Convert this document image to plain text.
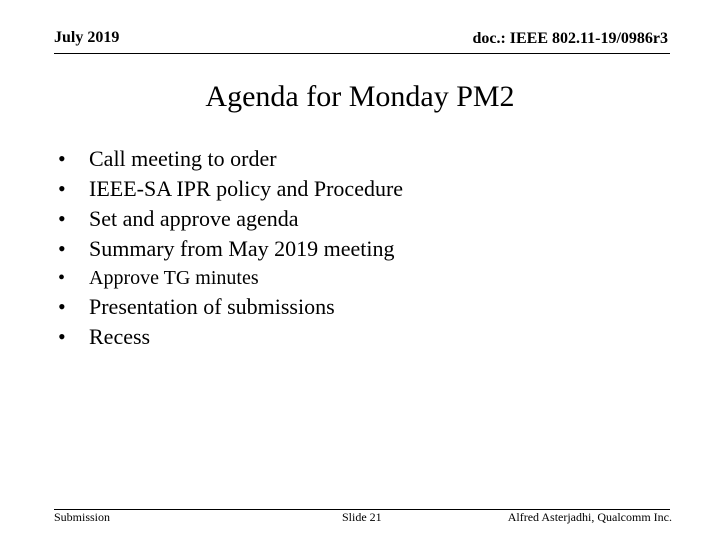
July 2019	doc.: IEEE 802.11-19/0986r3
Agenda for Monday PM2
•	Call meeting to order
•	IEEE-SA IPR policy and Procedure
•	Set and approve agenda
•	Summary from May 2019 meeting
•	Approve TG minutes
•	Presentation of submissions
•	Recess
Submission	Slide 21	Alfred Asterjadhi, Qualcomm Inc.
